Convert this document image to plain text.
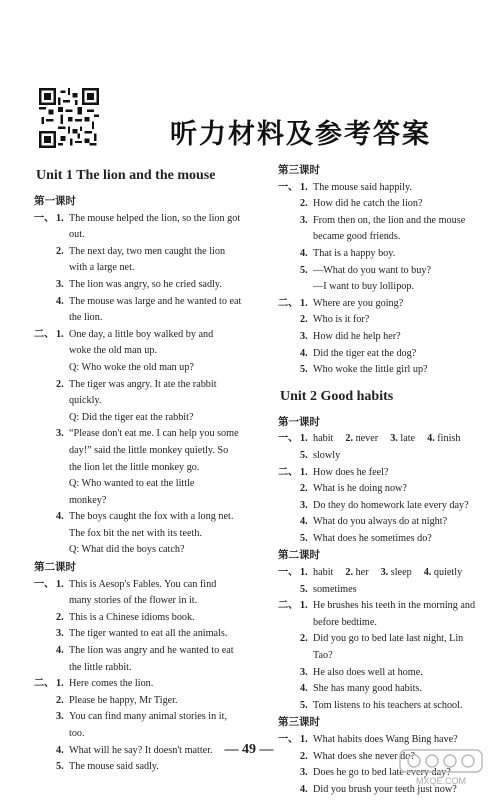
听力材料及参考答案
Unit 1 The lion and the mouse
第一课时
一、 1. The mouse helped the lion, so the lion got
out.
2. The next day, two men caught the lion
with a large net.
3. The lion was angry, so he cried sadly.
4. The mouse was large and he wanted to eat
the lion.
二、 1. One day, a little boy walked by and
woke the old man up.
Q: Who woke the old man up?
2. The tiger was angry. It ate the rabbit
quickly.
Q: Did the tiger eat the rabbit?
3. “Please don't eat me. I can help you some
day!” said the little monkey quietly. So
the lion let the little monkey go.
Q: Who wanted to eat the little
monkey?
4. The boys caught the fox with a long net.
The fox bit the net with its teeth.
Q: What did the boys catch?
第二课时
一、 1. This is Aesop's Fables. You can find
many stories of the flower in it.
2. This is a Chinese idioms book.
3. The tiger wanted to eat all the animals.
4. The lion was angry and he wanted to eat
the little rabbit.
二、 1. Here comes the lion.
2. Please be happy, Mr Tiger.
3. You can find many animal stories in it,
too.
4. What will he say? It doesn't matter.
5. The mouse said sadly.
第三课时
一、 1. The mouse said happily.
2. How did he catch the lion?
3. From then on, the lion and the mouse
became good friends.
4. That is a happy boy.
5. —What do you want to buy?
—I want to buy lollipop.
二、 1. Where are you going?
2. Who is it for?
3. How did he help her?
4. Did the tiger eat the dog?
5. Who woke the little girl up?
Unit 2 Good habits
第一课时
一、 1. habit 2. never 3. late 4. finish
5. slowly
二、 1. How does he feel?
2. What is he doing now?
3. Do they do homework late every day?
4. What do you always do at night?
5. What does he sometimes do?
第二课时
一、 1. habit 2. her 3. sleep 4. quietly
5. sometimes
二、 1. He brushes his teeth in the morning and
before bedtime.
2. Did you go to bed late last night, Lin
Tao?
3. He also does well at home.
4. She has many good habits.
5. Tom listens to his teachers at school.
第三课时
一、 1. What habits does Wang Bing have?
2. What does she never do?
3. Does he go to bed late every day?
4. Did you brush your teeth just now?
— 49 —
MXQE.COM
